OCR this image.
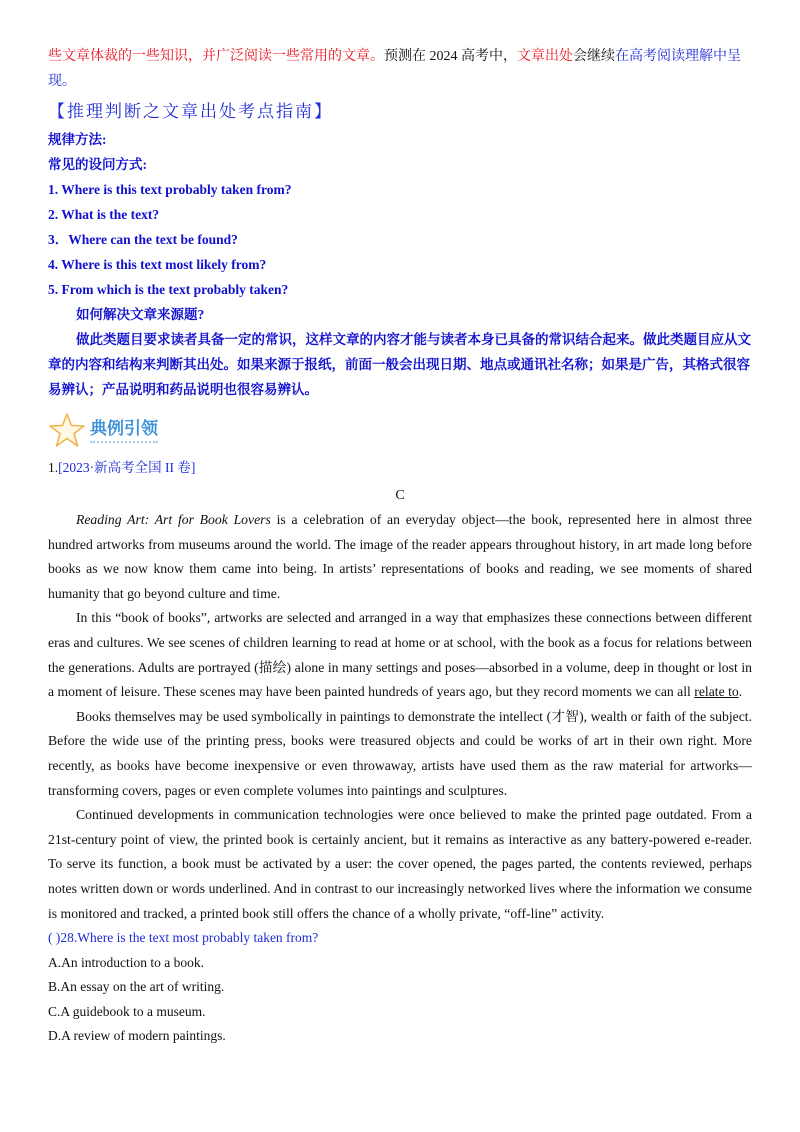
些文章体裁的一些知识，并广泛阅读一些常用的文章。预测在 2024 高考中，文章出处会继续在高考阅读理解中呈现。
【推理判断之文章出处考点指南】
规律方法:
常见的设问方式:
1. Where is this text probably taken from?
2. What is the text?
3．Where can the text be found?
4. Where is this text most likely from?
5. From which is the text probably taken?
如何解决文章来源题?
做此类题目要求读者具备一定的常识，这样文章的内容才能与读者本身已具备的常识结合起来。做此类题目应从文章的内容和结构来判断其出处。如果来源于报纸，前面一般会出现日期、地点或通讯社名称；如果是广告，其格式很容易辨认；产品说明和药品说明也很容易辨认。
典例引领
1.[2023·新高考全国 II 卷]
C

Reading Art: Art for Book Lovers is a celebration of an everyday object—the book, represented here in almost three hundred artworks from museums around the world. The image of the reader appears throughout history, in art made long before books as we now know them came into being. In artists’ representations of books and reading, we see moments of shared humanity that go beyond culture and time.

In this “book of books”, artworks are selected and arranged in a way that emphasizes these connections between different eras and cultures. We see scenes of children learning to read at home or at school, with the book as a focus for relations between the generations. Adults are portrayed (描绘) alone in many settings and poses—absorbed in a volume, deep in thought or lost in a moment of leisure. These scenes may have been painted hundreds of years ago, but they record moments we can all relate to.

Books themselves may be used symbolically in paintings to demonstrate the intellect (才智), wealth or faith of the subject. Before the wide use of the printing press, books were treasured objects and could be works of art in their own right. More recently, as books have become inexpensive or even throwaway, artists have used them as the raw material for artworks—transforming covers, pages or even complete volumes into paintings and sculptures.

Continued developments in communication technologies were once believed to make the printed page outdated. From a 21st-century point of view, the printed book is certainly ancient, but it remains as interactive as any battery-powered e-reader. To serve its function, a book must be activated by a user: the cover opened, the pages parted, the contents reviewed, perhaps notes written down or words underlined. And in contrast to our increasingly networked lives where the information we consume is monitored and tracked, a printed book still offers the chance of a wholly private, “off-line” activity.

( )28.Where is the text most probably taken from?
A.An introduction to a book.
B.An essay on the art of writing.
C.A guidebook to a museum.
D.A review of modern paintings.
